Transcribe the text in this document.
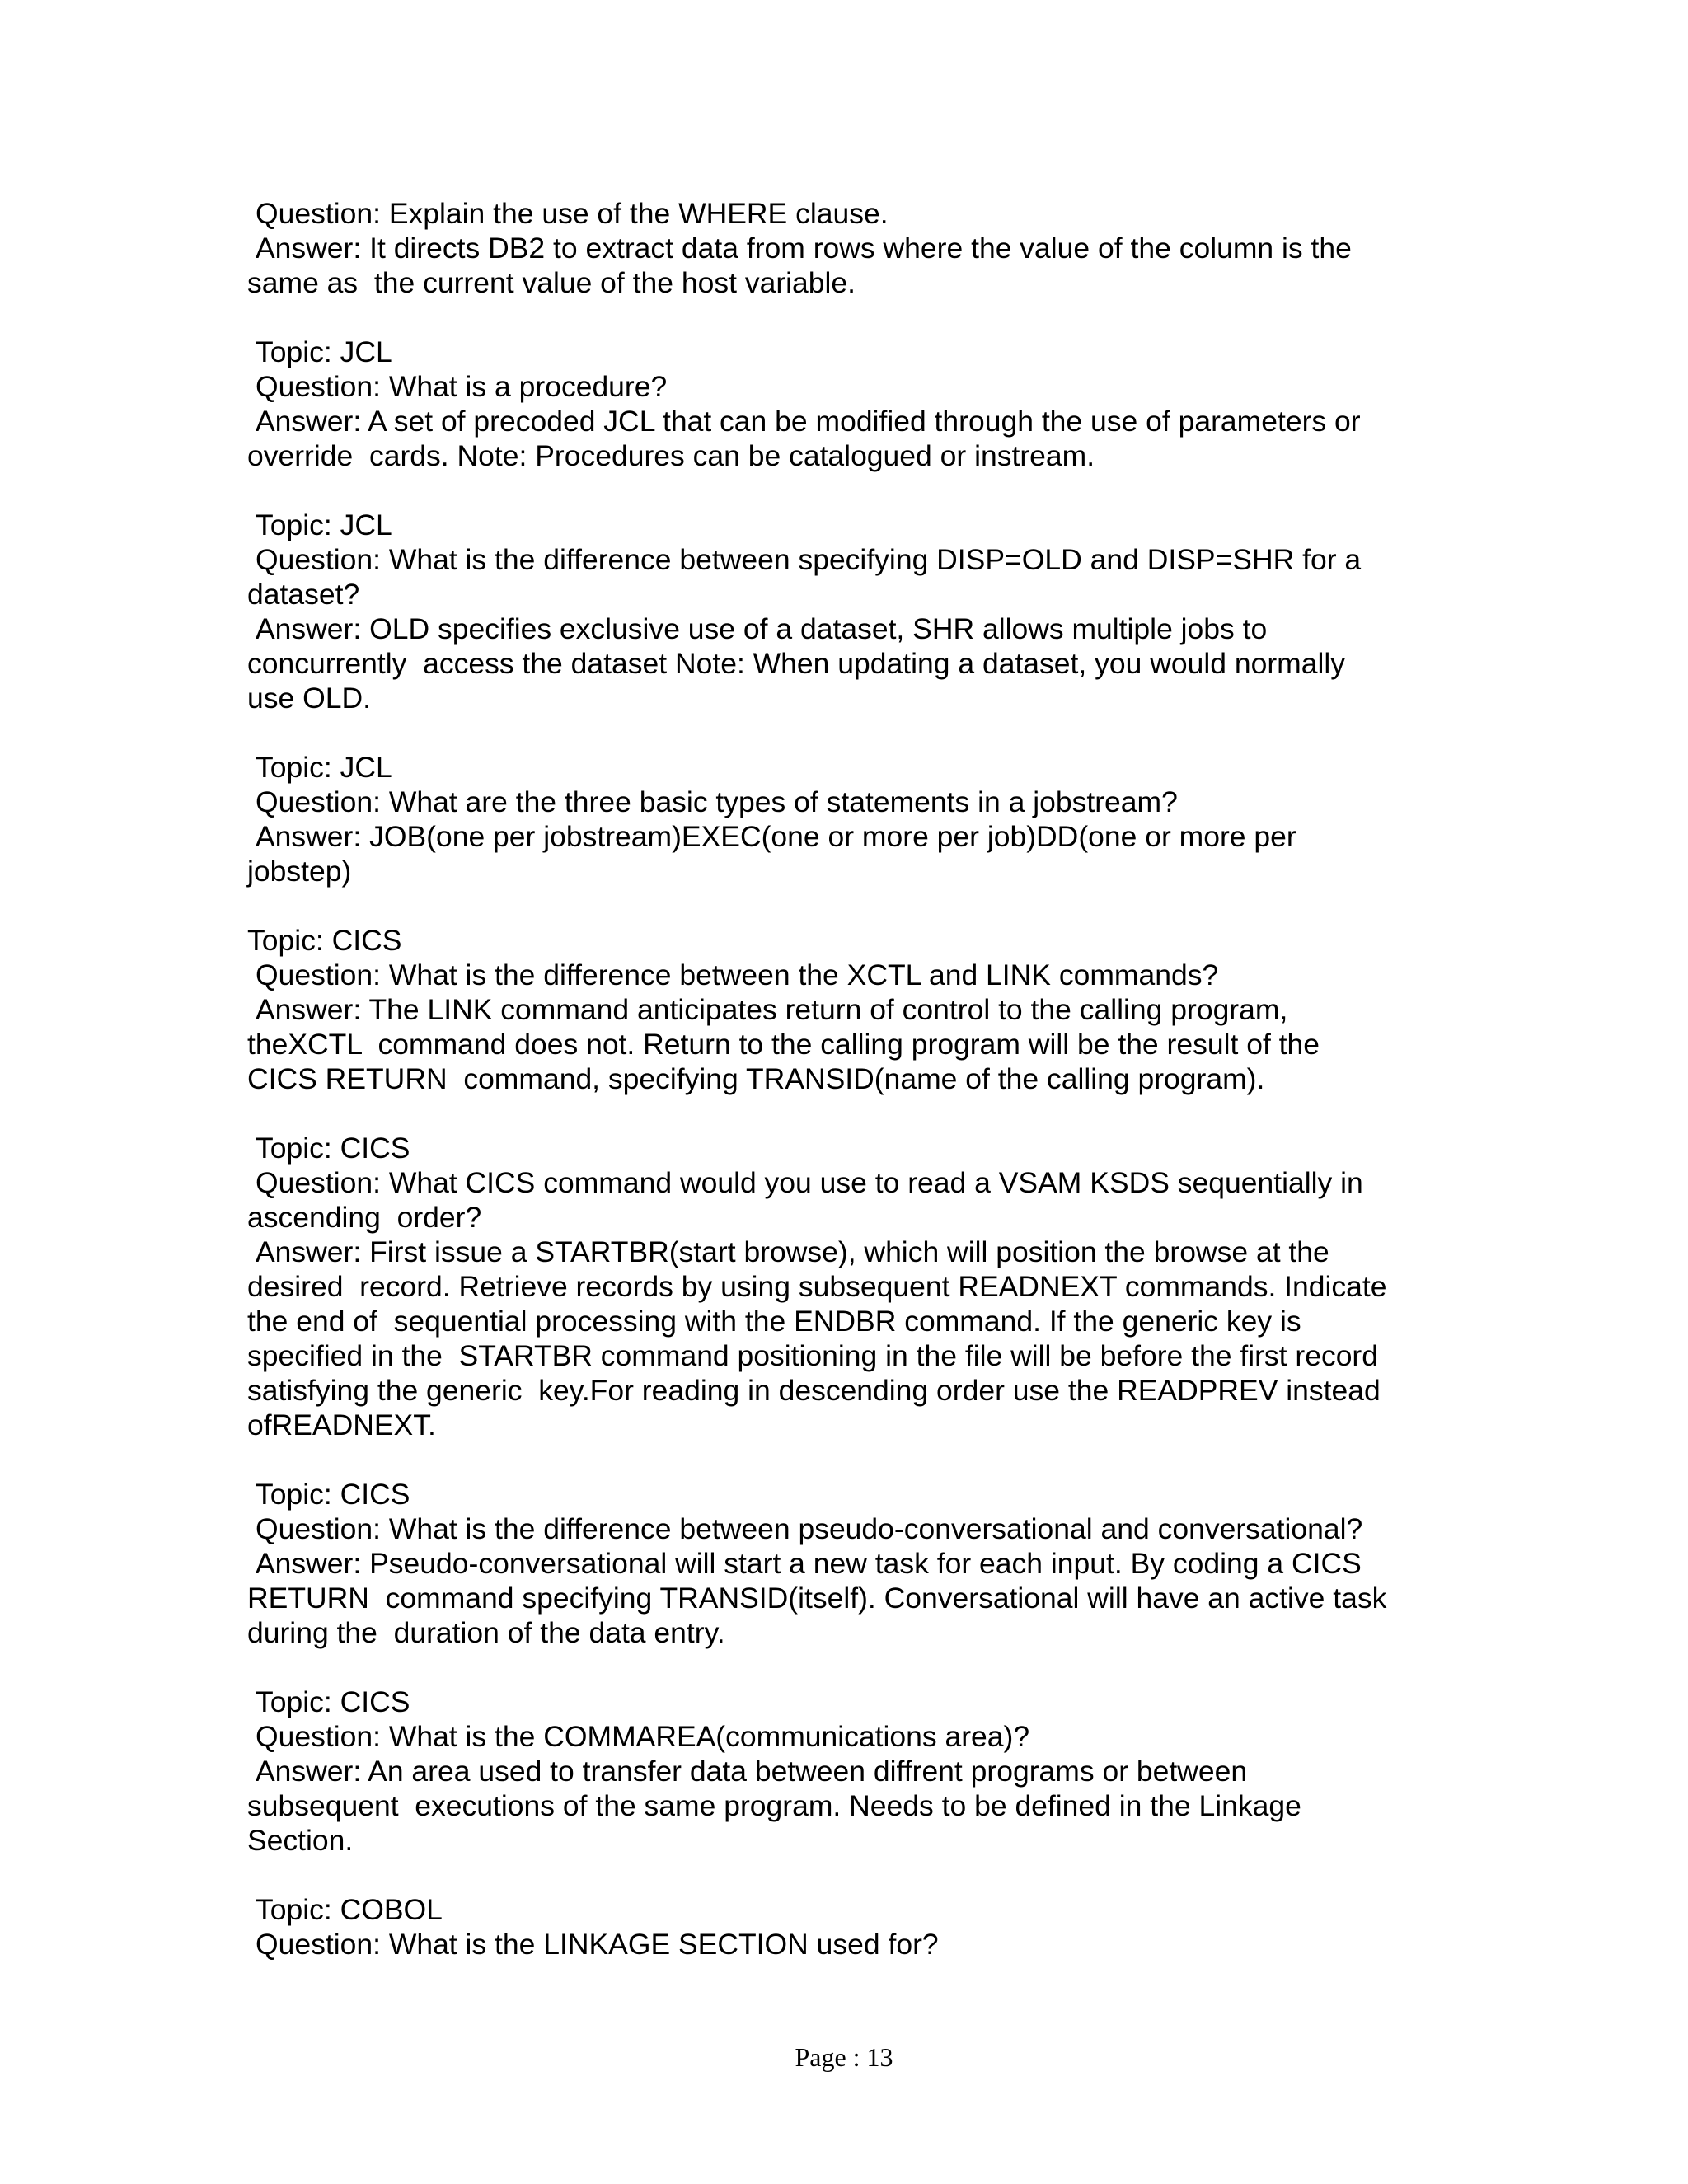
Question: Explain the use of the WHERE clause.
Answer: It directs DB2 to extract data from rows where the value of the column is the
same as  the current value of the host variable.
Topic: JCL
Question: What is a procedure?
Answer: A set of precoded JCL that can be modified through the use of parameters or
override  cards. Note: Procedures can be catalogued or instream.
Topic: JCL
Question: What is the difference between specifying DISP=OLD and DISP=SHR for a
dataset?
Answer: OLD specifies exclusive use of a dataset, SHR allows multiple jobs to
concurrently  access the dataset Note: When updating a dataset, you would normally
use OLD.
Topic: JCL
Question: What are the three basic types of statements in a jobstream?
Answer: JOB(one per jobstream)EXEC(one or more per job)DD(one or more per
jobstep)
Topic: CICS
Question: What is the difference between the XCTL and LINK commands?
Answer: The LINK command anticipates return of control to the calling program,
theXCTL  command does not. Return to the calling program will be the result of the
CICS RETURN  command, specifying TRANSID(name of the calling program).
Topic: CICS
Question: What CICS command would you use to read a VSAM KSDS sequentially in
ascending  order?
Answer: First issue a STARTBR(start browse), which will position the browse at the
desired  record. Retrieve records by using subsequent READNEXT commands. Indicate
the end of  sequential processing with the ENDBR command. If the generic key is
specified in the  STARTBR command positioning in the file will be before the first record
satisfying the generic  key.For reading in descending order use the READPREV instead
ofREADNEXT.
Topic: CICS
Question: What is the difference between pseudo-conversational and conversational?
Answer: Pseudo-conversational will start a new task for each input. By coding a CICS
RETURN  command specifying TRANSID(itself). Conversational will have an active task
during the  duration of the data entry.
Topic: CICS
Question: What is the COMMAREA(communications area)?
Answer: An area used to transfer data between diffrent programs or between
subsequent  executions of the same program. Needs to be defined in the Linkage
Section.
Topic: COBOL
Question: What is the LINKAGE SECTION used for?
Page : 13
